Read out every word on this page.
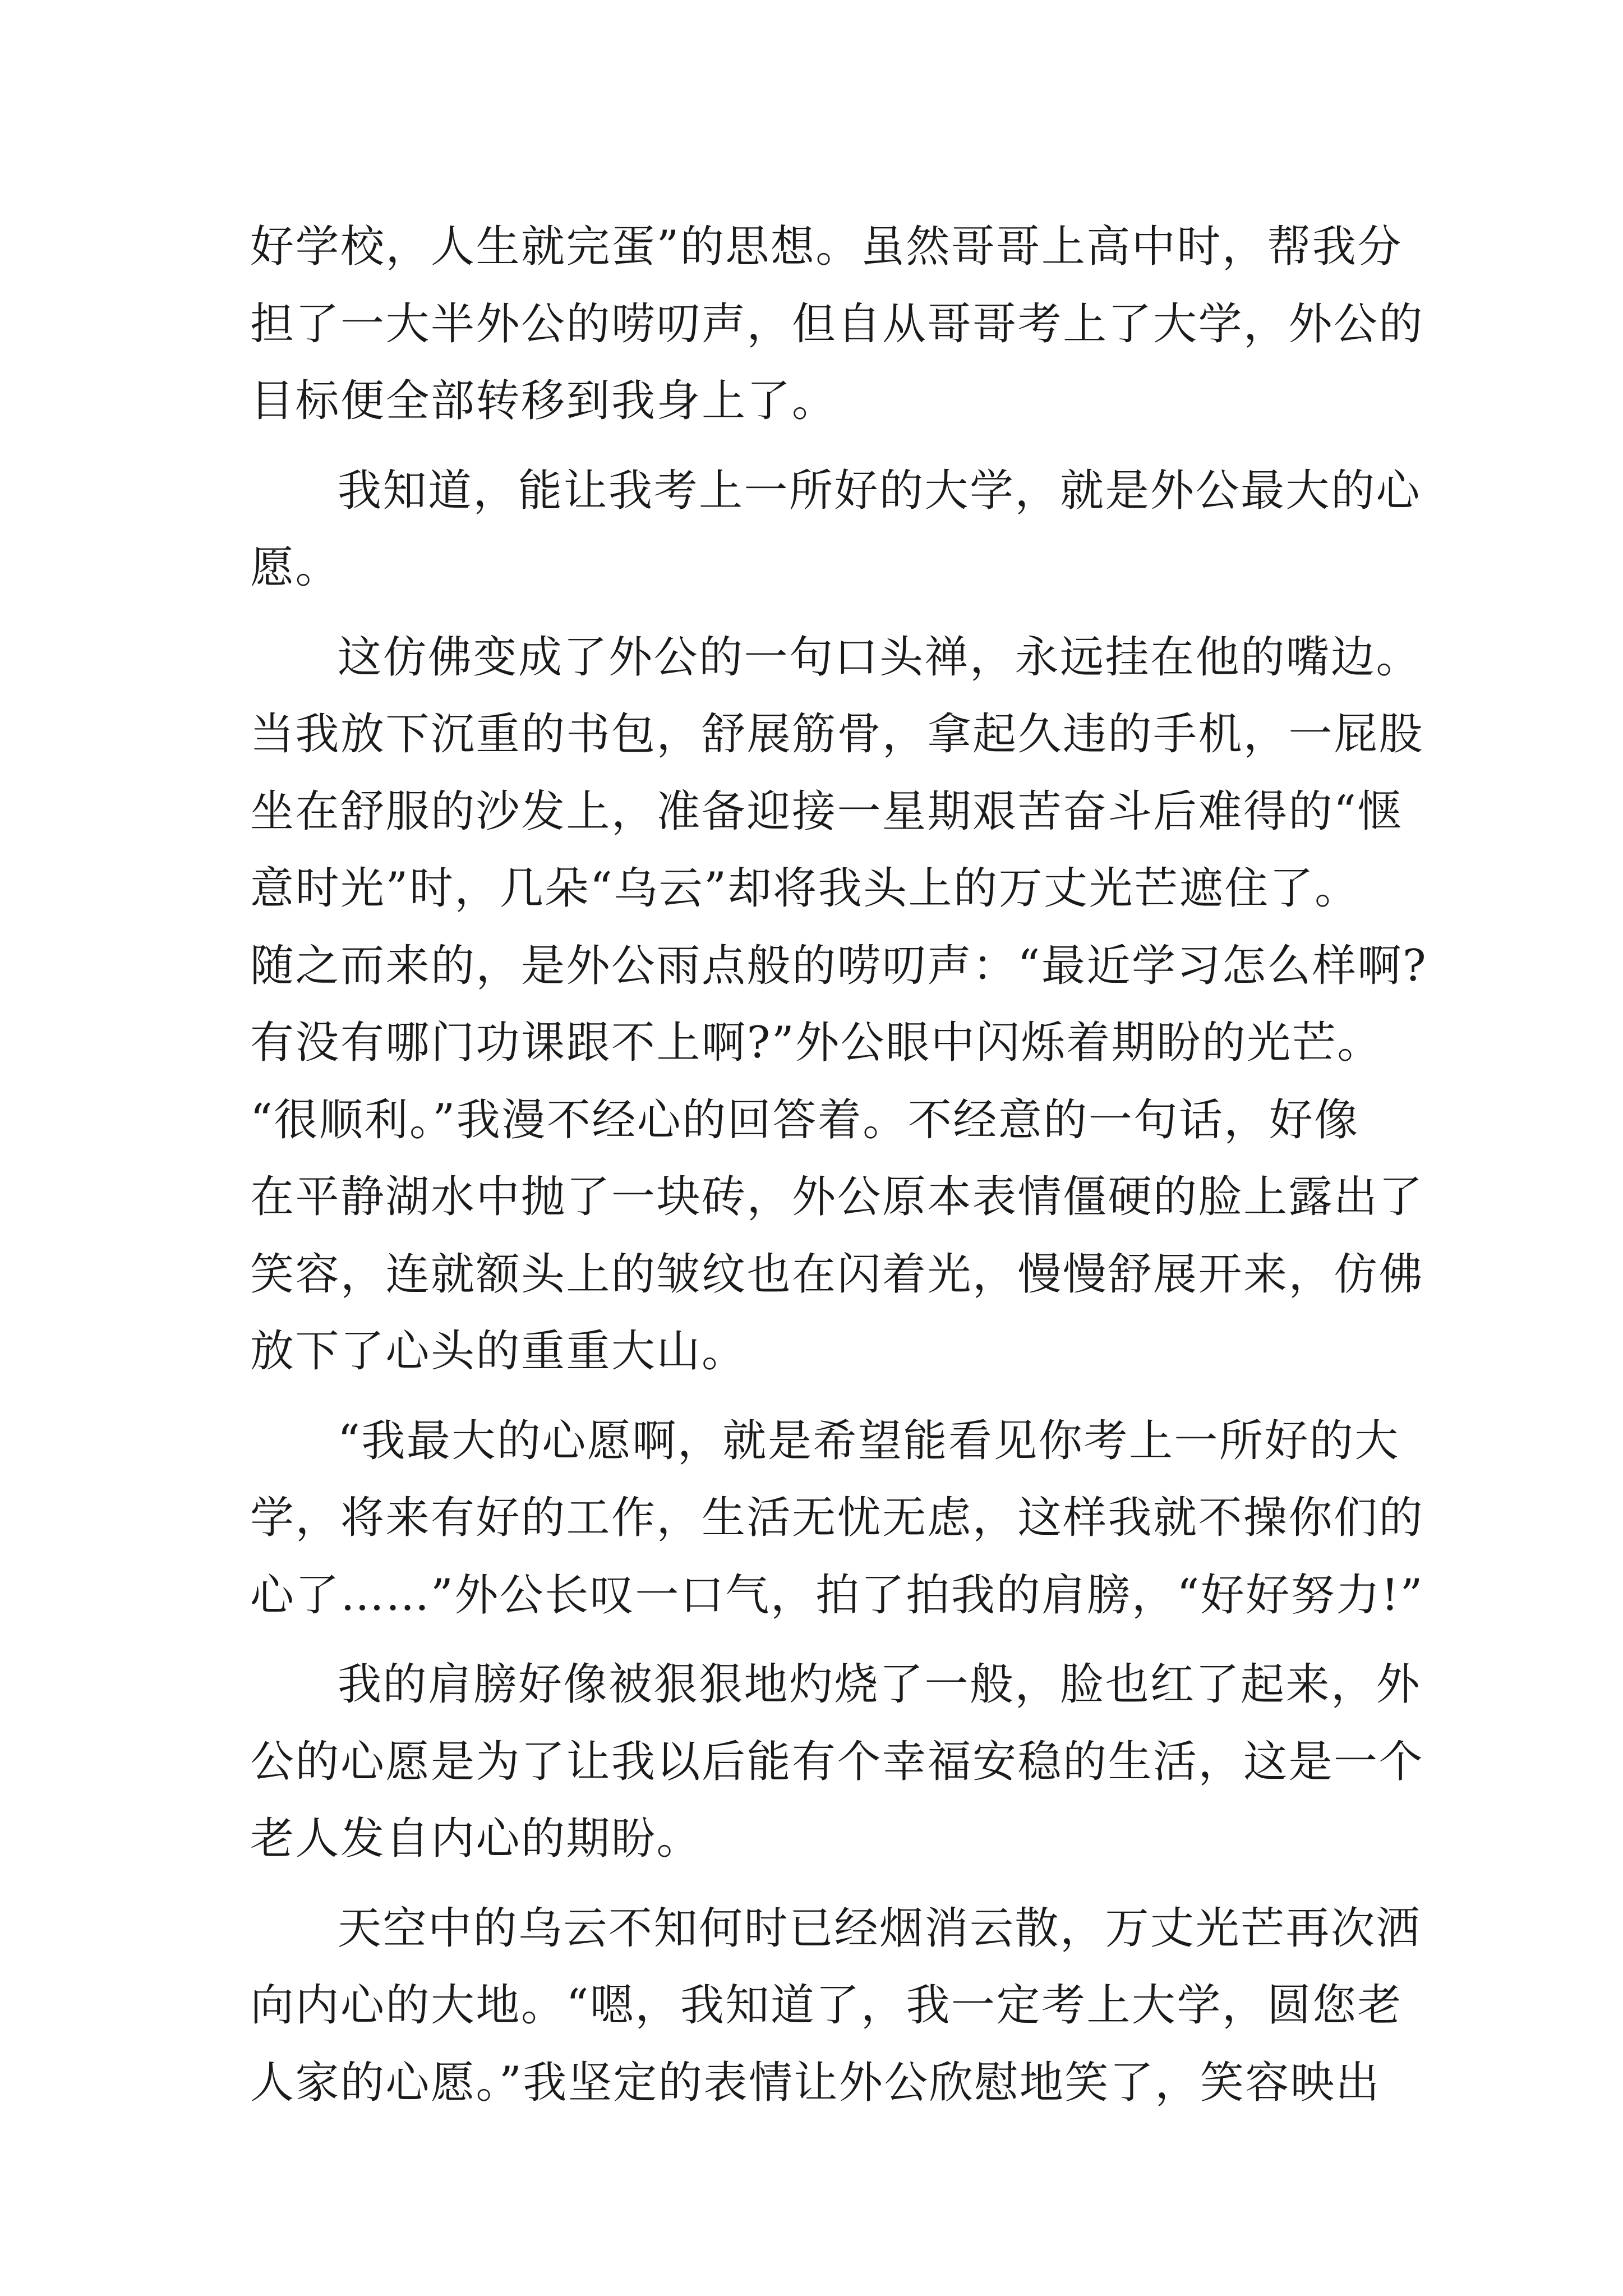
好学校，人生就完蛋”的思想。虽然哥哥上高中时，帮我分
担了一大半外公的唠叨声，但自从哥哥考上了大学，外公的
目标便全部转移到我身上了。
我知道，能让我考上一所好的大学，就是外公最大的心
愿。
这仿佛变成了外公的一句口头禅，永远挂在他的嘴边。
当我放下沉重的书包，舒展筋骨，拿起久违的手机，一屁股
坐在舒服的沙发上，准备迎接一星期艰苦奋斗后难得的“惬
意时光”时，几朵“乌云”却将我头上的万丈光芒遮住了。
随之而来的，是外公雨点般的唠叨声：“最近学习怎么样啊?
有没有哪门功课跟不上啊?”外公眼中闪烁着期盼的光芒。
“很顺利。”我漫不经心的回答着。不经意的一句话，好像
在平静湖水中抛了一块砖，外公原本表情僵硬的脸上露出了
笑容，连就额头上的皱纹也在闪着光，慢慢舒展开来，仿佛
放下了心头的重重大山。
“我最大的心愿啊，就是希望能看见你考上一所好的大
学，将来有好的工作，生活无忧无虑，这样我就不操你们的
心了……”外公长叹一口气，拍了拍我的肩膀，“好好努力!”
我的肩膀好像被狠狠地灼烧了一般，脸也红了起来，外
公的心愿是为了让我以后能有个幸福安稳的生活，这是一个
老人发自内心的期盼。
天空中的乌云不知何时已经烟消云散，万丈光芒再次洒
向内心的大地。“嗯，我知道了，我一定考上大学，圆您老
人家的心愿。”我坚定的表情让外公欣慰地笑了，笑容映出
